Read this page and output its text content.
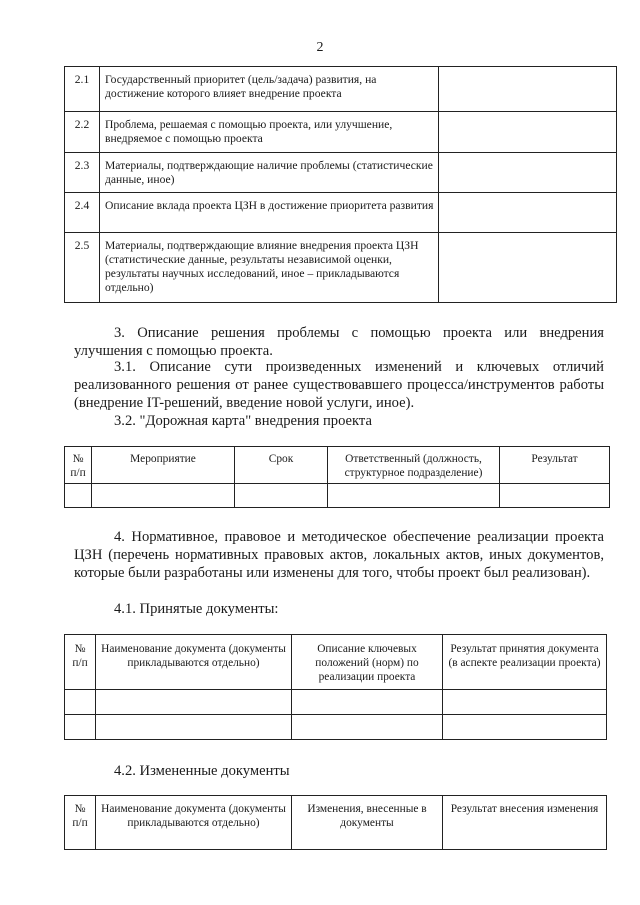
2
2.1	Государственный приоритет (цель/задача) развития, на достижение которого влияет внедрение проекта	
2.2	Проблема, решаемая с помощью проекта, или улучшение, внедряемое с помощью проекта	
2.3	Материалы, подтверждающие наличие проблемы (статистические данные, иное)	
2.4	Описание вклада проекта ЦЗН в достижение приоритета развития	
2.5	Материалы, подтверждающие влияние внедрения проекта ЦЗН (статистические данные, результаты независимой оценки, результаты научных исследований, иное – прикладываются отдельно)	
3. Описание решения проблемы с помощью проекта или внедрения улучшения с помощью проекта.
3.1. Описание сути произведенных изменений и ключевых отличий реализованного решения от ранее существовавшего процесса/инструментов работы (внедрение IT-решений, введение новой услуги, иное).
3.2. "Дорожная карта" внедрения проекта
№ п/п	Мероприятие	Срок	Ответственный (должность, структурное подразделение)	Результат

4. Нормативное, правовое и методическое обеспечение реализации проекта ЦЗН (перечень нормативных правовых актов, локальных актов, иных документов, которые были разработаны или изменены для того, чтобы проект был реализован).
4.1. Принятые документы:
№ п/п	Наименование документа (документы прикладываются отдельно)	Описание ключевых положений (норм) по реализации проекта	Результат принятия документа (в аспекте реализации проекта)

4.2. Измененные документы
№ п/п	Наименование документа (документы прикладываются отдельно)	Изменения, внесенные в документы	Результат внесения изменения
